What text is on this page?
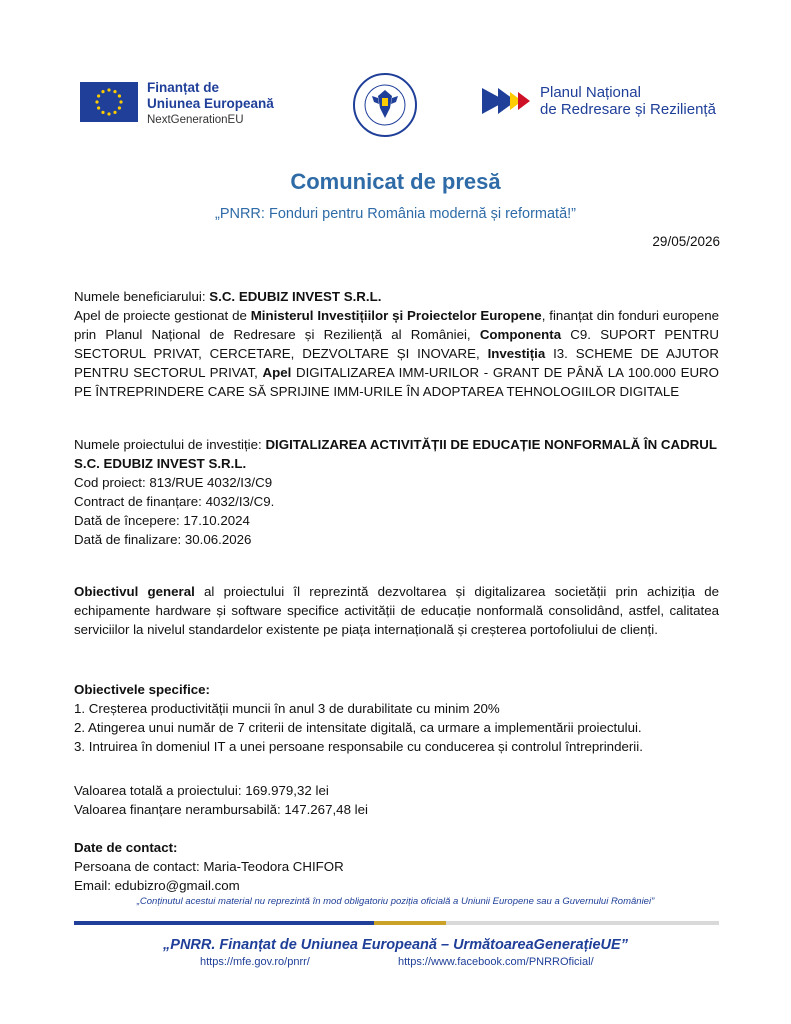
Finanțat de
Uniunea Europeană
NextGenerationEU
Planul Național
de Redresare și Reziliență
Comunicat de presă
„PNRR: Fonduri pentru România modernă și reformată!”
29/05/2026
Numele beneficiarului: S.C. EDUBIZ INVEST S.R.L.
Apel de proiecte gestionat de Ministerul Investițiilor și Proiectelor Europene, finanțat din fonduri europene prin Planul Național de Redresare și Reziliență al României, Componenta C9. SUPORT PENTRU SECTORUL PRIVAT, CERCETARE, DEZVOLTARE ȘI INOVARE, Investiția I3. SCHEME DE AJUTOR PENTRU SECTORUL PRIVAT, Apel DIGITALIZAREA IMM-URILOR - GRANT DE PÂNĂ LA 100.000 EURO PE ÎNTREPRINDERE CARE SĂ SPRIJINE IMM-URILE ÎN ADOPTAREA TEHNOLOGIILOR DIGITALE
Numele proiectului de investiție: DIGITALIZAREA ACTIVITĂȚII DE EDUCAȚIE NONFORMALĂ ÎN CADRUL S.C. EDUBIZ INVEST S.R.L.
Cod proiect: 813/RUE 4032/I3/C9
Contract de finanțare: 4032/I3/C9.
Dată de începere: 17.10.2024
Dată de finalizare: 30.06.2026
Obiectivul general al proiectului îl reprezintă dezvoltarea și digitalizarea societății prin achiziția de echipamente hardware și software specifice activității de educație nonformală consolidând, astfel, calitatea serviciilor la nivelul standardelor existente pe piața internațională și creșterea portofoliului de clienți.
Obiectivele specifice:
1. Creșterea productivității muncii în anul 3 de durabilitate cu minim 20%
2. Atingerea unui număr de 7 criterii de intensitate digitală, ca urmare a implementării proiectului.
3. Intruirea în domeniul IT a unei persoane responsabile cu conducerea și controlul întreprinderii.
Valoarea totală a proiectului: 169.979,32 lei
Valoarea finanțare nerambursabilă: 147.267,48 lei
Date de contact:
Persoana de contact: Maria-Teodora CHIFOR
Email: edubizro@gmail.com
„Conținutul acestui material nu reprezintă în mod obligatoriu poziția oficială a Uniunii Europene sau a Guvernului României”
„PNRR. Finanțat de Uniunea Europeană – UrmătoareaGenerațieUE”
https://mfe.gov.ro/pnrr/	https://www.facebook.com/PNRROficial/
